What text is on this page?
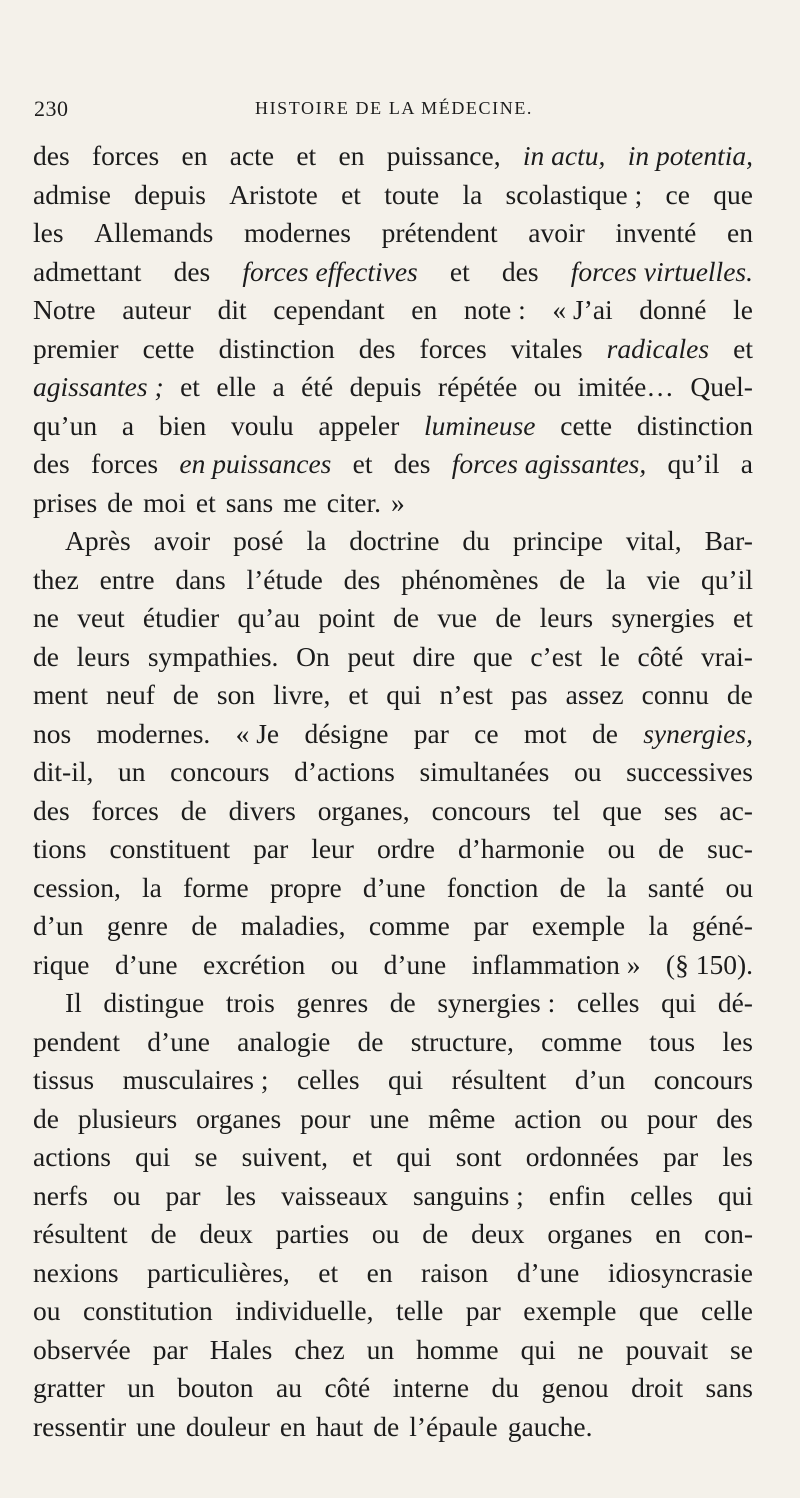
230	HISTOIRE DE LA MÉDECINE.
des forces en acte et en puissance, in actu, in potentia,
admise depuis Aristote et toute la scolastique ; ce que
les Allemands modernes prétendent avoir inventé en
admettant des forces effectives et des forces virtuelles.
Notre auteur dit cependant en note : « J’ai donné le
premier cette distinction des forces vitales radicales et
agissantes ; et elle a été depuis répétée ou imitée… Quel-
qu’un a bien voulu appeler lumineuse cette distinction
des forces en puissances et des forces agissantes, qu’il a
prises de moi et sans me citer. »
Après avoir posé la doctrine du principe vital, Bar-
thez entre dans l’étude des phénomènes de la vie qu’il
ne veut étudier qu’au point de vue de leurs synergies et
de leurs sympathies. On peut dire que c’est le côté vrai-
ment neuf de son livre, et qui n’est pas assez connu de
nos modernes. « Je désigne par ce mot de synergies,
dit-il, un concours d’actions simultanées ou successives
des forces de divers organes, concours tel que ses ac-
tions constituent par leur ordre d’harmonie ou de suc-
cession, la forme propre d’une fonction de la santé ou
d’un genre de maladies, comme par exemple la géné-
rique d’une excrétion ou d’une inflammation » (§ 150).
Il distingue trois genres de synergies : celles qui dé-
pendent d’une analogie de structure, comme tous les
tissus musculaires ; celles qui résultent d’un concours
de plusieurs organes pour une même action ou pour des
actions qui se suivent, et qui sont ordonnées par les
nerfs ou par les vaisseaux sanguins ; enfin celles qui
résultent de deux parties ou de deux organes en con-
nexions particulières, et en raison d’une idiosyncrasie
ou constitution individuelle, telle par exemple que celle
observée par Hales chez un homme qui ne pouvait se
gratter un bouton au côté interne du genou droit sans
ressentir une douleur en haut de l’épaule gauche.
